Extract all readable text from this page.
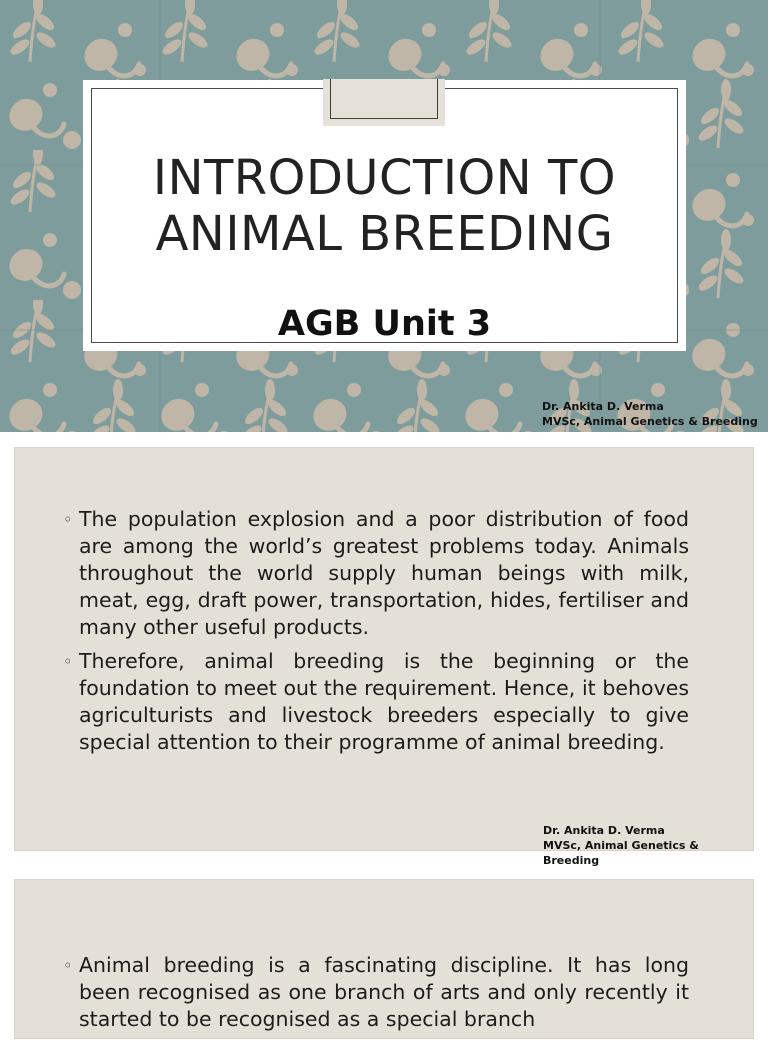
INTRODUCTION TO ANIMAL BREEDING
AGB Unit 3
Dr. Ankita D. Verma
MVSc, Animal Genetics & Breeding
◦ The population explosion and a poor distribution of food are among the world’s greatest problems today. Animals throughout the world supply human beings with milk, meat, egg, draft power, transportation, hides, fertiliser and many other useful products.
◦ Therefore, animal breeding is the beginning or the foundation to meet out the requirement. Hence, it behoves agriculturists and livestock breeders especially to give special attention to their programme of animal breeding.
Dr. Ankita D. Verma
MVSc, Animal Genetics & Breeding
◦ Animal breeding is a fascinating discipline. It has long been recognised as one branch of arts and only recently it started to be recognised as a special branch
